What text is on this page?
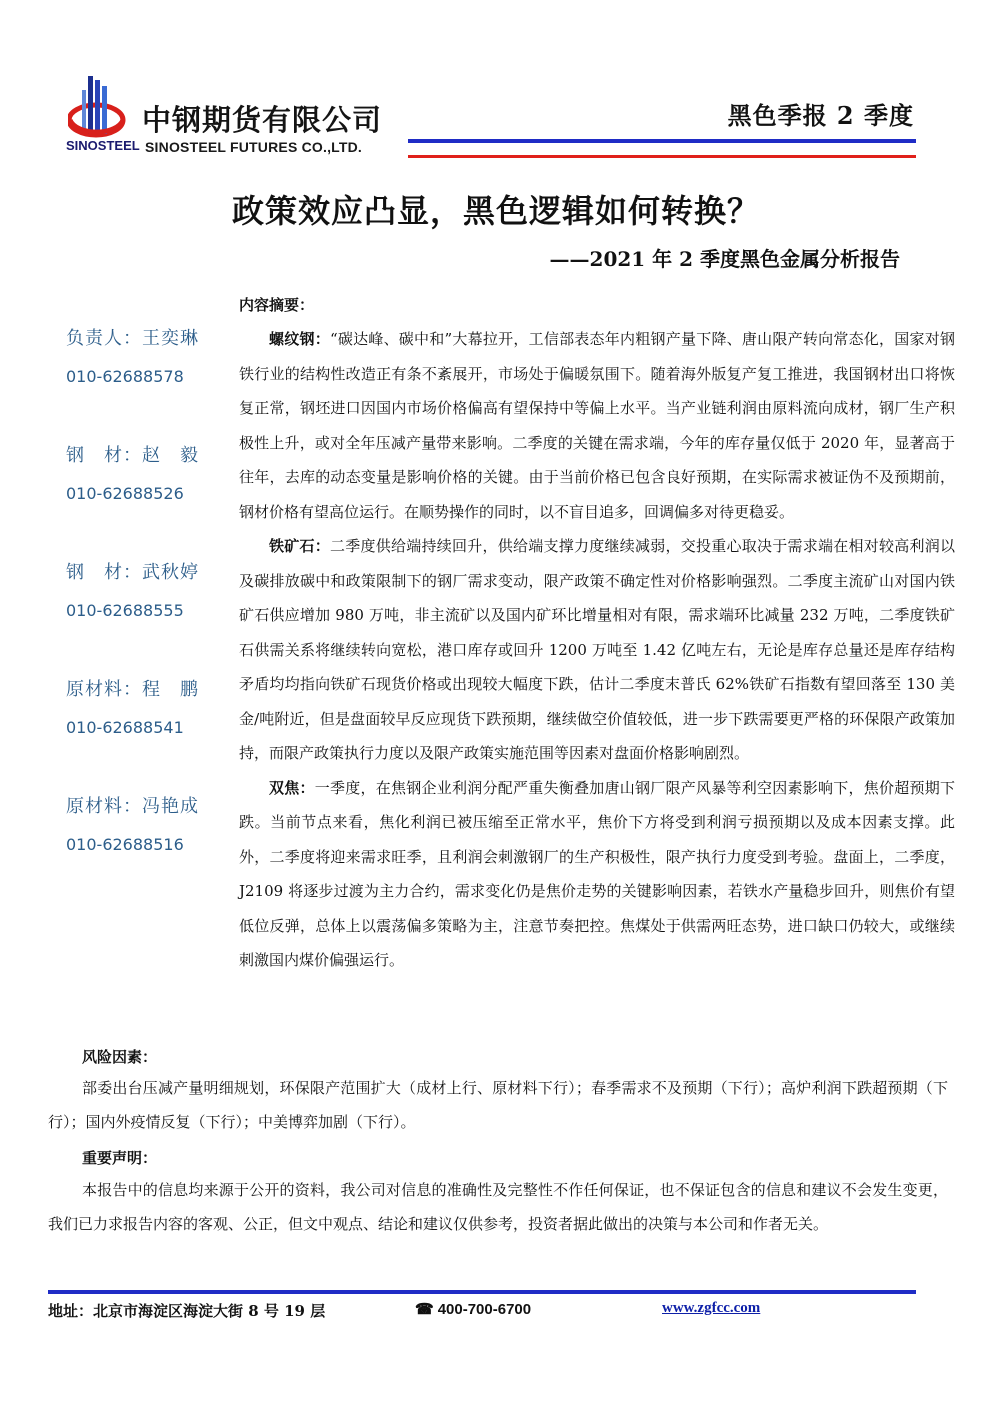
SINOSTEEL
中钢期货有限公司
SINOSTEEL FUTURES CO.,LTD.
黑色季报 2 季度
政策效应凸显，黑色逻辑如何转换？
——2021 年 2 季度黑色金属分析报告
负责人：王奕琳
010-62688578
钢　材：赵　毅
010-62688526
钢　材：武秋婷
010-62688555
原材料：程　鹏
010-62688541
原材料：冯艳成
010-62688516
内容摘要：

螺纹钢：“碳达峰、碳中和”大幕拉开，工信部表态年内粗钢产量下降、唐山限产转向常态化，国家对钢铁行业的结构性改造正有条不紊展开，市场处于偏暖氛围下。随着海外版复产复工推进，我国钢材出口将恢复正常，钢坯进口因国内市场价格偏高有望保持中等偏上水平。当产业链利润由原料流向成材，钢厂生产积极性上升，或对全年压减产量带来影响。二季度的关键在需求端，今年的库存量仅低于 2020 年，显著高于往年，去库的动态变量是影响价格的关键。由于当前价格已包含良好预期，在实际需求被证伪不及预期前，钢材价格有望高位运行。在顺势操作的同时，以不盲目追多，回调偏多对待更稳妥。

铁矿石：二季度供给端持续回升，供给端支撑力度继续减弱，交投重心取决于需求端在相对较高利润以及碳排放碳中和政策限制下的钢厂需求变动，限产政策不确定性对价格影响强烈。二季度主流矿山对国内铁矿石供应增加 980 万吨，非主流矿以及国内矿环比增量相对有限，需求端环比减量 232 万吨，二季度铁矿石供需关系将继续转向宽松，港口库存或回升 1200 万吨至 1.42 亿吨左右，无论是库存总量还是库存结构矛盾均均指向铁矿石现货价格或出现较大幅度下跌，估计二季度末普氏 62%铁矿石指数有望回落至 130 美金/吨附近，但是盘面较早反应现货下跌预期，继续做空价值较低，进一步下跌需要更严格的环保限产政策加持，而限产政策执行力度以及限产政策实施范围等因素对盘面价格影响剧烈。

双焦：一季度，在焦钢企业利润分配严重失衡叠加唐山钢厂限产风暴等利空因素影响下，焦价超预期下跌。当前节点来看，焦化利润已被压缩至正常水平，焦价下方将受到利润亏损预期以及成本因素支撑。此外，二季度将迎来需求旺季，且利润会刺激钢厂的生产积极性，限产执行力度受到考验。盘面上，二季度，J2109 将逐步过渡为主力合约，需求变化仍是焦价走势的关键影响因素，若铁水产量稳步回升，则焦价有望低位反弹，总体上以震荡偏多策略为主，注意节奏把控。焦煤处于供需两旺态势，进口缺口仍较大，或继续刺激国内煤价偏强运行。

风险因素：
部委出台压减产量明细规划，环保限产范围扩大（成材上行、原材料下行）；春季需求不及预期（下行）；高炉利润下跌超预期（下行）；国内外疫情反复（下行）；中美博弈加剧（下行）。
重要声明：
本报告中的信息均来源于公开的资料，我公司对信息的准确性及完整性不作任何保证，也不保证包含的信息和建议不会发生变更，我们已力求报告内容的客观、公正，但文中观点、结论和建议仅供参考，投资者据此做出的决策与本公司和作者无关。
地址：北京市海淀区海淀大街 8 号 19 层	☎ 400-700-6700	www.zgfcc.com
